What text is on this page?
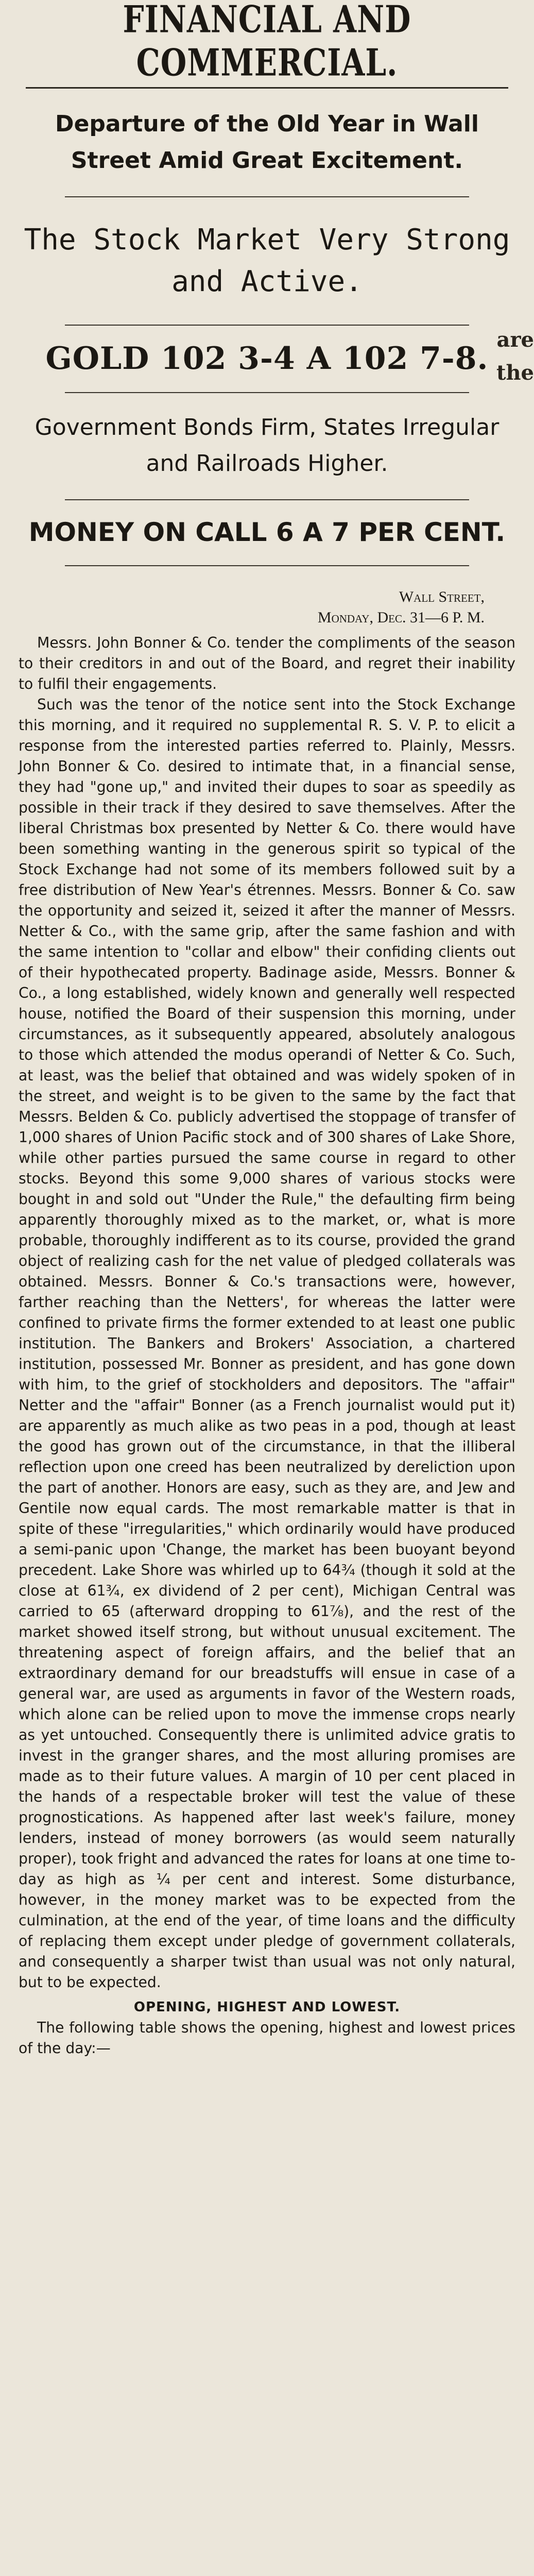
FINANCIAL AND COMMERCIAL.
Departure of the Old Year in Wall Street Amid Great Excitement.
The Stock Market Very Strong and Active.
GOLD 102 3-4 A 102 7-8.
Government Bonds Firm, States Irregular and Railroads Higher.
MONEY ON CALL 6 A 7 PER CENT.
Wall Street,
Monday, Dec. 31—6 P. M.

Messrs. John Bonner & Co. tender the compliments of the season to their creditors in and out of the Board, and regret their inability to fulfil their engagements.

Such was the tenor of the notice sent into the Stock Exchange this morning, and it required no supplemental R. S. V. P. to elicit a response from the interested parties referred to. Plainly, Messrs. John Bonner & Co. desired to intimate that, in a financial sense, they had "gone up," and invited their dupes to soar as speedily as possible in their track if they desired to save themselves. After the liberal Christmas box presented by Netter & Co. there would have been something wanting in the generous spirit so typical of the Stock Exchange had not some of its members followed suit by a free distribution of New Year's étrennes. Messrs. Bonner & Co. saw the opportunity and seized it, seized it after the manner of Messrs. Netter & Co., with the same grip, after the same fashion and with the same intention to "collar and elbow" their confiding clients out of their hypothecated property. Badinage aside, Messrs. Bonner & Co., a long established, widely known and generally well respected house, notified the Board of their suspension this morning, under circumstances, as it subsequently appeared, absolutely analogous to those which attended the modus operandi of Netter & Co. Such, at least, was the belief that obtained and was widely spoken of in the street, and weight is to be given to the same by the fact that Messrs. Belden & Co. publicly advertised the stoppage of transfer of 1,000 shares of Union Pacific stock and of 300 shares of Lake Shore, while other parties pursued the same course in regard to other stocks. Beyond this some 9,000 shares of various stocks were bought in and sold out "Under the Rule," the defaulting firm being apparently thoroughly mixed as to the market, or, what is more probable, thoroughly indifferent as to its course, provided the grand object of realizing cash for the net value of pledged collaterals was obtained. Messrs. Bonner & Co.'s transactions were, however, farther reaching than the Netters', for whereas the latter were confined to private firms the former extended to at least one public institution. The Bankers and Brokers' Association, a chartered institution, possessed Mr. Bonner as president, and has gone down with him, to the grief of stockholders and depositors. The "affair" Netter and the "affair" Bonner (as a French journalist would put it) are apparently as much alike as two peas in a pod, though at least the good has grown out of the circumstance, in that the illiberal reflection upon one creed has been neutralized by dereliction upon the part of another. Honors are easy, such as they are, and Jew and Gentile now equal cards. The most remarkable matter is that in spite of these "irregularities," which ordinarily would have produced a semi-panic upon 'Change, the market has been buoyant beyond precedent. Lake Shore was whirled up to 64¾ (though it sold at the close at 61¾, ex dividend of 2 per cent), Michigan Central was carried to 65 (afterward dropping to 61⅞), and the rest of the market showed itself strong, but without unusual excitement. The threatening aspect of foreign affairs, and the belief that an extraordinary demand for our breadstuffs will ensue in case of a general war, are used as arguments in favor of the Western roads, which alone can be relied upon to move the immense crops nearly as yet untouched. Consequently there is unlimited advice gratis to invest in the granger shares, and the most alluring promises are made as to their future values. A margin of 10 per cent placed in the hands of a respectable broker will test the value of these prognostications. As happened after last week's failure, money lenders, instead of money borrowers (as would seem naturally proper), took fright and advanced the rates for loans at one time to-day as high as ¼ per cent and interest. Some disturbance, however, in the money market was to be expected from the culmination, at the end of the year, of time loans and the difficulty of replacing them except under pledge of government collaterals, and consequently a sharper twist than usual was not only natural, but to be expected.

OPENING, HIGHEST AND LOWEST.

The following table shows the opening, highest and lowest prices of the day:—

are
the
